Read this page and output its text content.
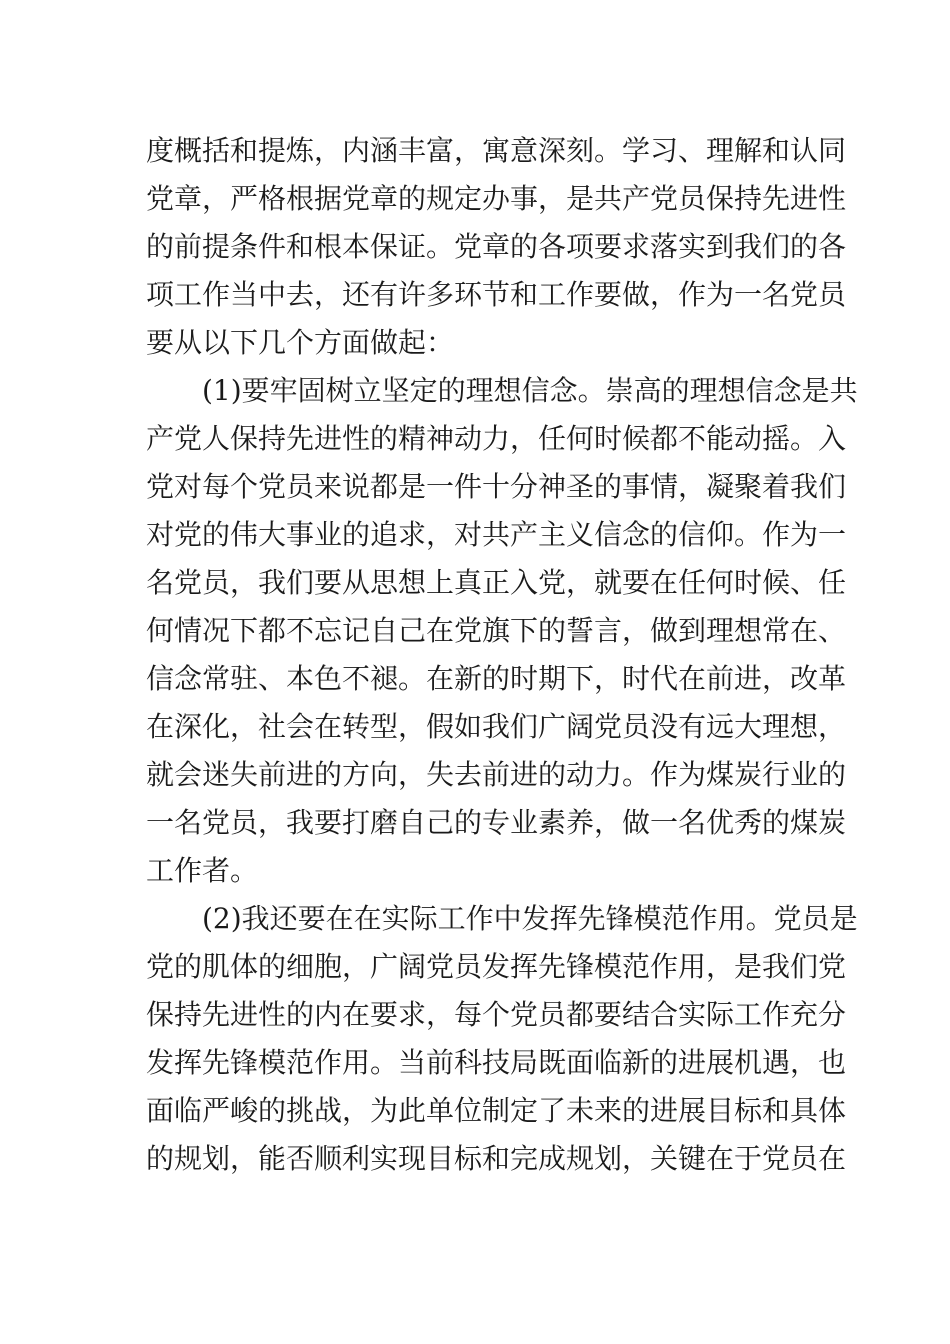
度概括和提炼，内涵丰富，寓意深刻。学习、理解和认同
党章，严格根据党章的规定办事，是共产党员保持先进性
的前提条件和根本保证。党章的各项要求落实到我们的各
项工作当中去，还有许多环节和工作要做，作为一名党员
要从以下几个方面做起：
(1)要牢固树立坚定的理想信念。崇高的理想信念是共
产党人保持先进性的精神动力，任何时候都不能动摇。入
党对每个党员来说都是一件十分神圣的事情，凝聚着我们
对党的伟大事业的追求，对共产主义信念的信仰。作为一
名党员，我们要从思想上真正入党，就要在任何时候、任
何情况下都不忘记自己在党旗下的誓言，做到理想常在、
信念常驻、本色不褪。在新的时期下，时代在前进，改革
在深化，社会在转型，假如我们广阔党员没有远大理想，
就会迷失前进的方向，失去前进的动力。作为煤炭行业的
一名党员，我要打磨自己的专业素养，做一名优秀的煤炭
工作者。
(2)我还要在在实际工作中发挥先锋模范作用。党员是
党的肌体的细胞，广阔党员发挥先锋模范作用，是我们党
保持先进性的内在要求，每个党员都要结合实际工作充分
发挥先锋模范作用。当前科技局既面临新的进展机遇，也
面临严峻的挑战，为此单位制定了未来的进展目标和具体
的规划，能否顺利实现目标和完成规划，关键在于党员在
